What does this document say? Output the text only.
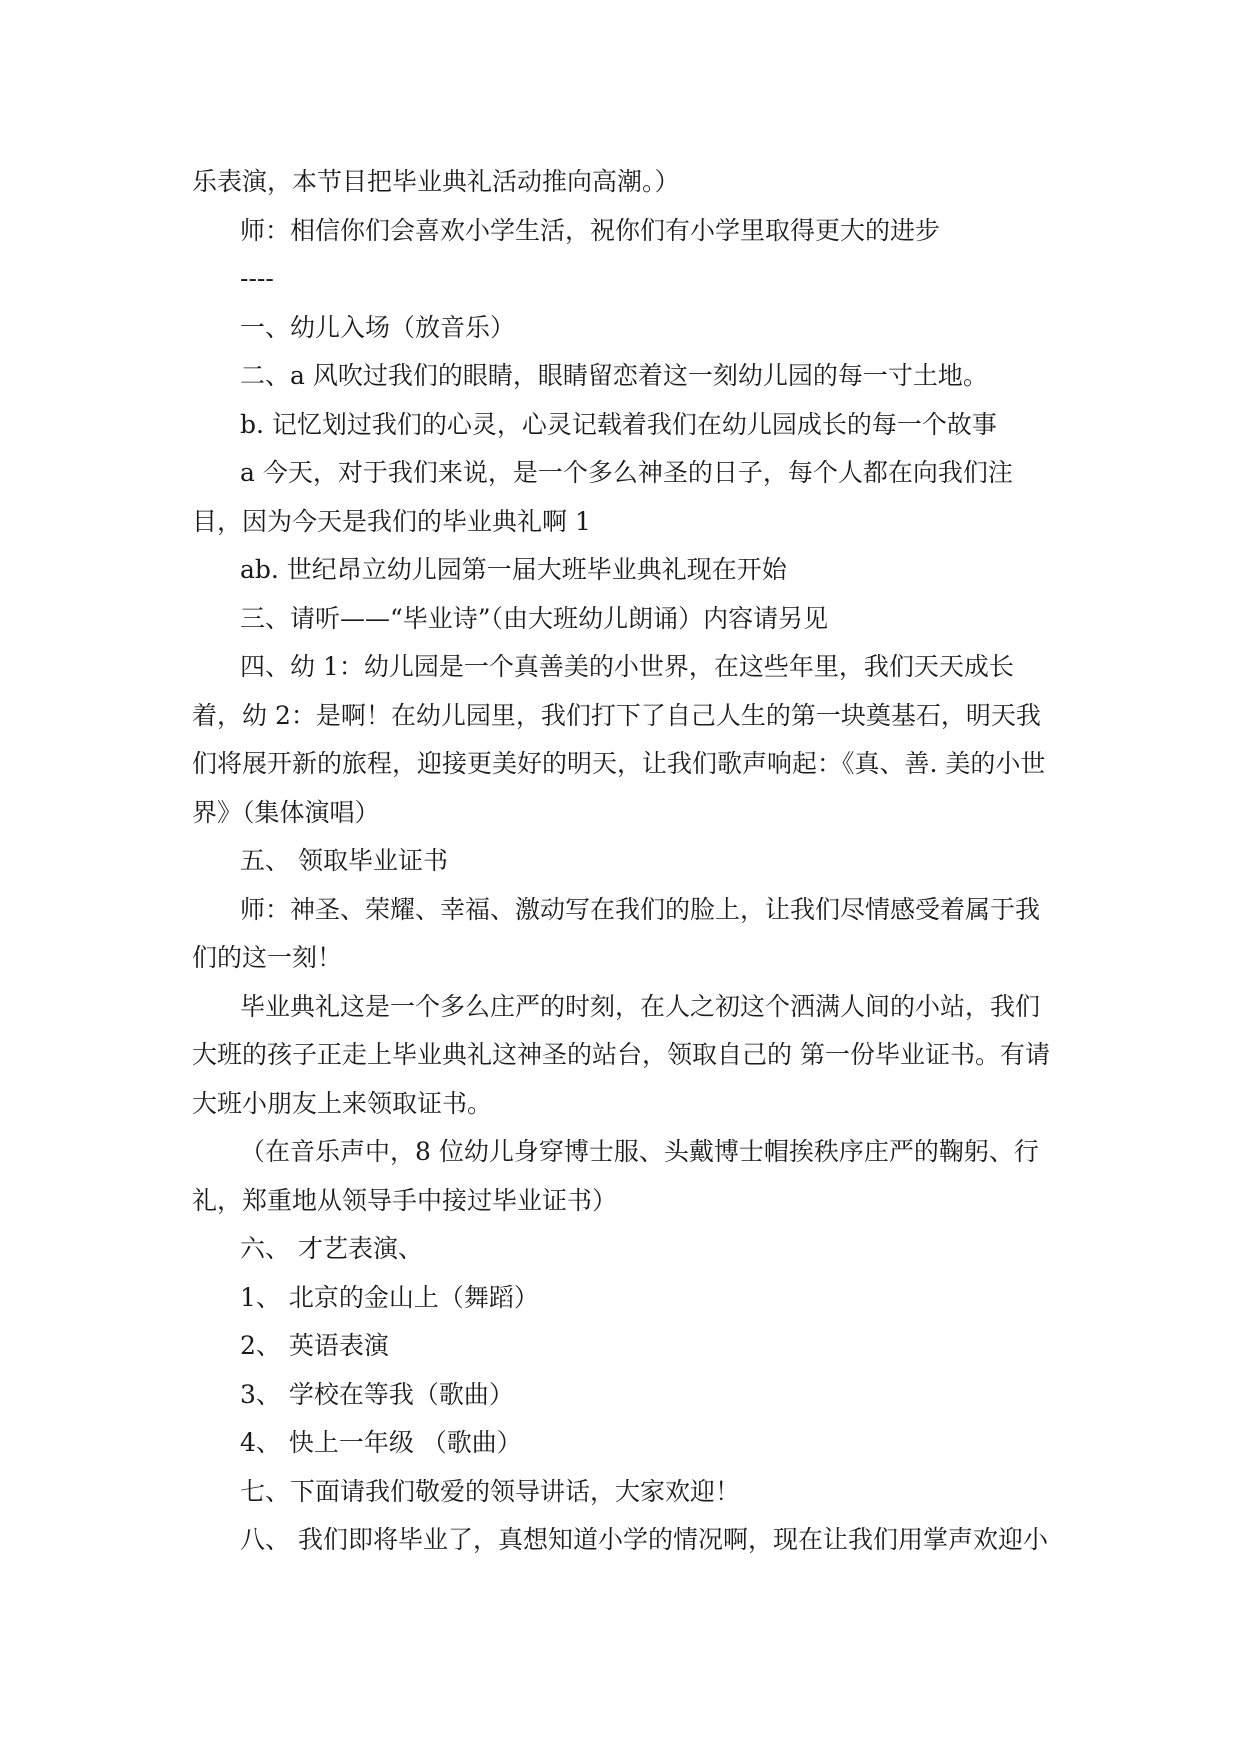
乐表演，本节目把毕业典礼活动推向高潮。）
师：相信你们会喜欢小学生活，祝你们有小学里取得更大的进步
----
一、幼儿入场（放音乐）
二、a 风吹过我们的眼睛，眼睛留恋着这一刻幼儿园的每一寸土地。
b. 记忆划过我们的心灵，心灵记载着我们在幼儿园成长的每一个故事
a 今天，对于我们来说，是一个多么神圣的日子，每个人都在向我们注
目，因为今天是我们的毕业典礼啊 1
ab. 世纪昂立幼儿园第一届大班毕业典礼现在开始
三、请听——“毕业诗”（由大班幼儿朗诵）内容请另见
四、幼 1：幼儿园是一个真善美的小世界，在这些年里，我们天天成长
着，幼 2：是啊！在幼儿园里，我们打下了自己人生的第一块奠基石，明天我
们将展开新的旅程，迎接更美好的明天，让我们歌声响起：《真、善. 美的小世
界》（集体演唱）
五、 领取毕业证书
师：神圣、荣耀、幸福、激动写在我们的脸上，让我们尽情感受着属于我
们的这一刻！
毕业典礼这是一个多么庄严的时刻，在人之初这个洒满人间的小站，我们
大班的孩子正走上毕业典礼这神圣的站台，领取自己的 第一份毕业证书。有请
大班小朋友上来领取证书。
（在音乐声中，8 位幼儿身穿博士服、头戴博士帽挨秩序庄严的鞠躬、行
礼，郑重地从领导手中接过毕业证书）
六、 才艺表演、
1、 北京的金山上（舞蹈）
2、 英语表演
3、 学校在等我（歌曲）
4、 快上一年级 （歌曲）
七、下面请我们敬爱的领导讲话，大家欢迎！
八、 我们即将毕业了，真想知道小学的情况啊，现在让我们用掌声欢迎小
